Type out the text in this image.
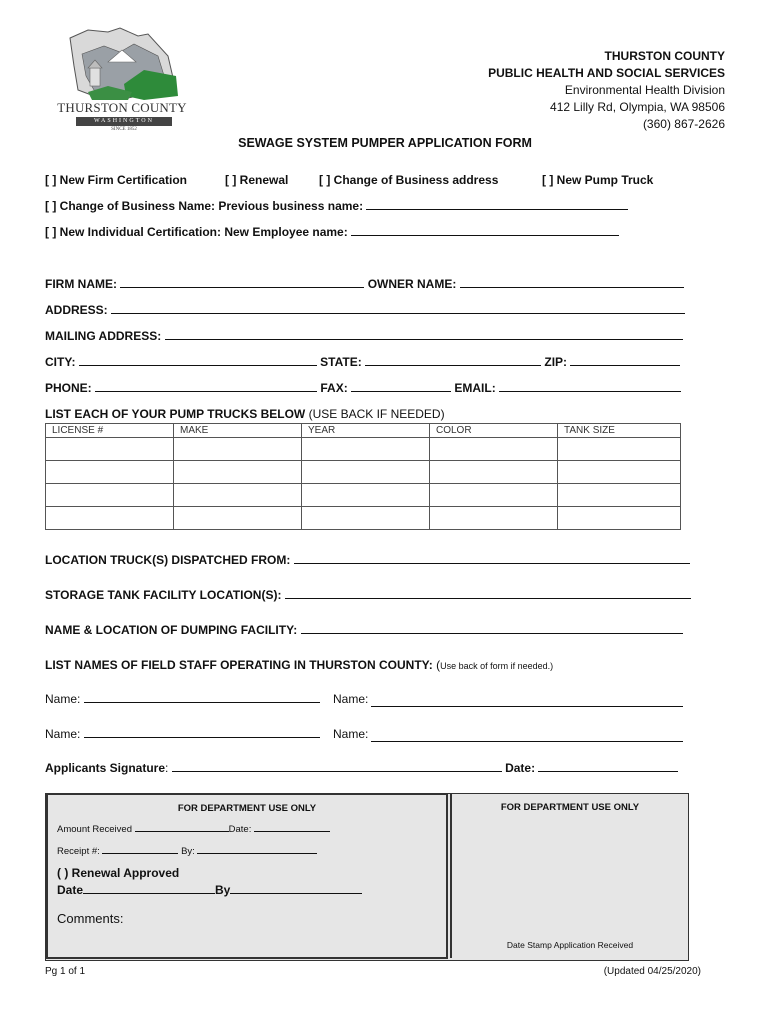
THURSTON COUNTY
WASHINGTON
SINCE 1852
THURSTON COUNTY
PUBLIC HEALTH AND SOCIAL SERVICES
Environmental Health Division
412 Lilly Rd, Olympia, WA 98506
(360) 867-2626
SEWAGE SYSTEM PUMPER APPLICATION FORM
[ ] New Firm Certification	[ ] Renewal	[ ] Change of Business address	[ ] New Pump Truck
[ ] Change of Business Name: Previous business name:
[ ] New Individual Certification: New Employee name:
FIRM NAME:	OWNER NAME:
ADDRESS:
MAILING ADDRESS:
CITY:	STATE:	ZIP:
PHONE:	FAX:	EMAIL:
LIST EACH OF YOUR PUMP TRUCKS BELOW (USE BACK IF NEEDED)
LICENSE #	MAKE	YEAR	COLOR	TANK SIZE

LOCATION TRUCK(S) DISPATCHED FROM:
STORAGE TANK FACILITY LOCATION(S):
NAME & LOCATION OF DUMPING FACILITY:
LIST NAMES OF FIELD STAFF OPERATING IN THURSTON COUNTY: (Use back of form if needed.)
Name:	Name:
Name:	Name:
Applicants Signature:	Date:
FOR DEPARTMENT USE ONLY
Amount Received	Date:
Receipt #:	By:
( ) Renewal Approved
Date	By
Comments:
FOR DEPARTMENT USE ONLY
Date Stamp Application Received
Pg 1 of 1	(Updated 04/25/2020)
